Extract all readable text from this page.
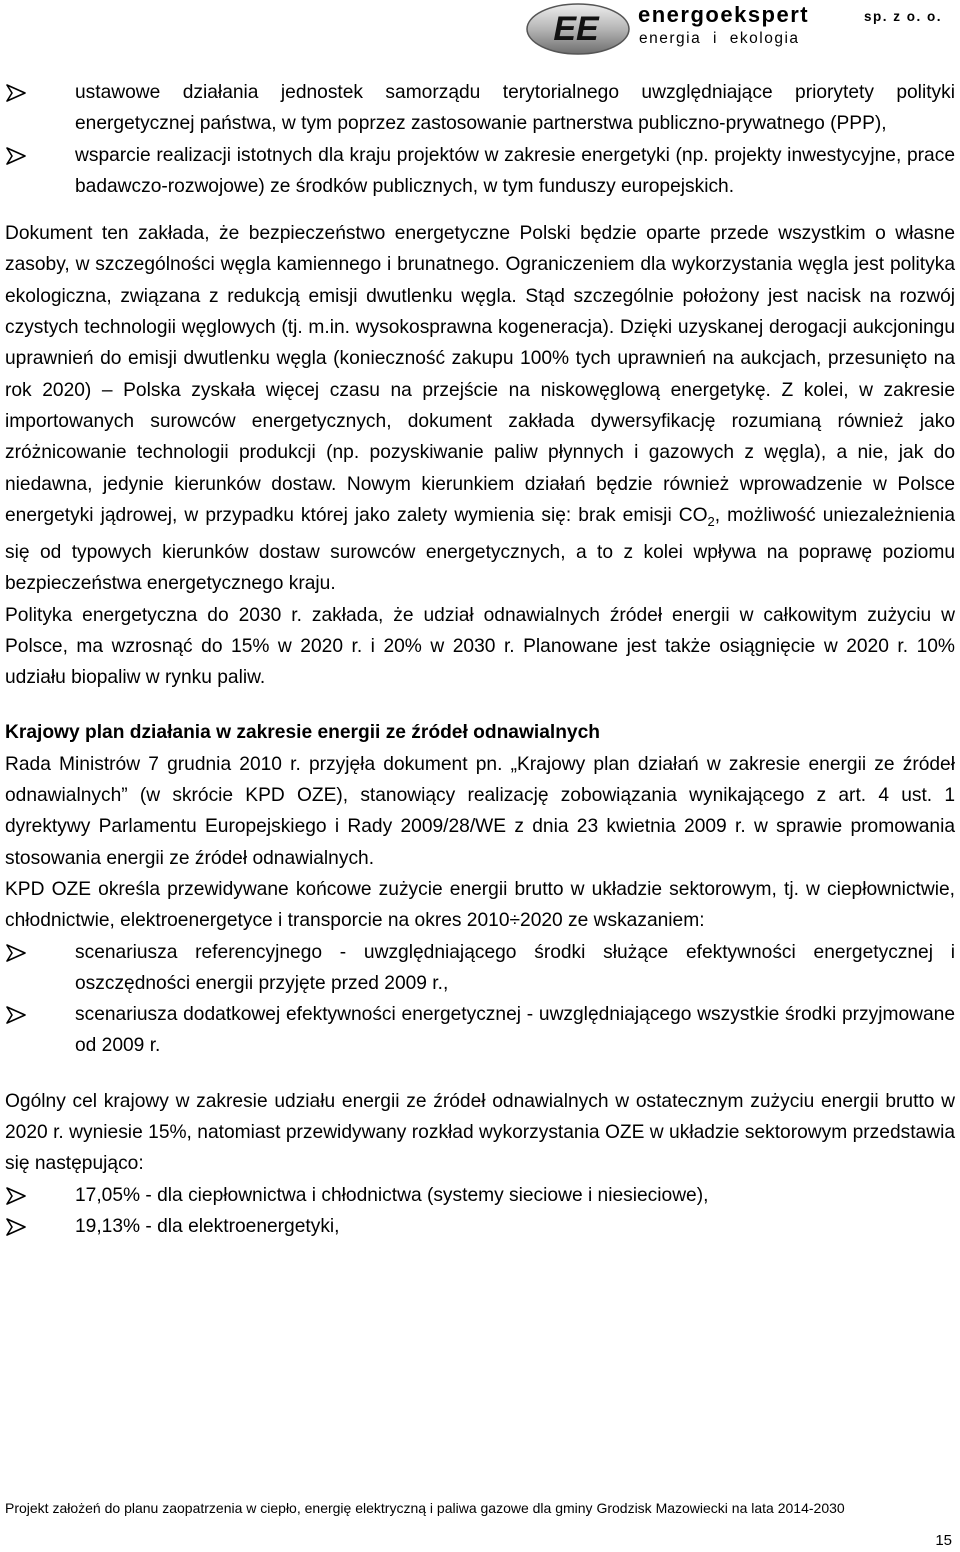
EE energoekspert	sp. z o. o.
energia i ekologia
ustawowe działania jednostek samorządu terytorialnego uwzględniające priorytety polityki energetycznej państwa, w tym poprzez zastosowanie partnerstwa publiczno-prywatnego (PPP),
wsparcie realizacji istotnych dla kraju projektów w zakresie energetyki (np. projekty inwestycyjne, prace badawczo-rozwojowe) ze środków publicznych, w tym funduszy europejskich.

Dokument ten zakłada, że bezpieczeństwo energetyczne Polski będzie oparte przede wszystkim o własne zasoby, w szczególności węgla kamiennego i brunatnego. Ograniczeniem dla wykorzystania węgla jest polityka ekologiczna, związana z redukcją emisji dwutlenku węgla. Stąd szczególnie położony jest nacisk na rozwój czystych technologii węglowych (tj. m.in. wysokosprawna kogeneracja). Dzięki uzyskanej derogacji aukcjoningu uprawnień do emisji dwutlenku węgla (konieczność zakupu 100% tych uprawnień na aukcjach, przesunięto na rok 2020) – Polska zyskała więcej czasu na przejście na niskowęglową energetykę. Z kolei, w zakresie importowanych surowców energetycznych, dokument zakłada dywersyfikację rozumianą również jako zróżnicowanie technologii produkcji (np. pozyskiwanie paliw płynnych i gazowych z węgla), a nie, jak do niedawna, jedynie kierunków dostaw. Nowym kierunkiem działań będzie również wprowadzenie w Polsce energetyki jądrowej, w przypadku której jako zalety wymienia się: brak emisji $CO_2$, możliwość uniezależnienia się od typowych kierunków dostaw surowców energetycznych, a to z kolei wpływa na poprawę poziomu bezpieczeństwa energetycznego kraju.

Polityka energetyczna do 2030 r. zakłada, że udział odnawialnych źródeł energii w całkowitym zużyciu w Polsce, ma wzrosnąć do 15% w 2020 r. i 20% w 2030 r. Planowane jest także osiągnięcie w 2020 r. 10% udziału biopaliw w rynku paliw.

Krajowy plan działania w zakresie energii ze źródeł odnawialnych

Rada Ministrów 7 grudnia 2010 r. przyjęła dokument pn. „Krajowy plan działań w zakresie energii ze źródeł odnawialnych” (w skrócie KPD OZE), stanowiący realizację zobowiązania wynikającego z art. 4 ust. 1 dyrektywy Parlamentu Europejskiego i Rady 2009/28/WE z dnia 23 kwietnia 2009 r. w sprawie promowania stosowania energii ze źródeł odnawialnych.

KPD OZE określa przewidywane końcowe zużycie energii brutto w układzie sektorowym, tj. w ciepłownictwie, chłodnictwie, elektroenergetyce i transporcie na okres 2010÷2020 ze wskazaniem:

scenariusza referencyjnego - uwzględniającego środki służące efektywności energetycznej i oszczędności energii przyjęte przed 2009 r.,
scenariusza dodatkowej efektywności energetycznej - uwzględniającego wszystkie środki przyjmowane od 2009 r.

Ogólny cel krajowy w zakresie udziału energii ze źródeł odnawialnych w ostatecznym zużyciu energii brutto w 2020 r. wyniesie 15%, natomiast przewidywany rozkład wykorzystania OZE w układzie sektorowym przedstawia się następująco:

17,05% - dla ciepłownictwa i chłodnictwa (systemy sieciowe i niesieciowe),
19,13% - dla elektroenergetyki,
Projekt założeń do planu zaopatrzenia w ciepło, energię elektryczną i paliwa gazowe dla gminy Grodzisk Mazowiecki na lata 2014-2030
15
